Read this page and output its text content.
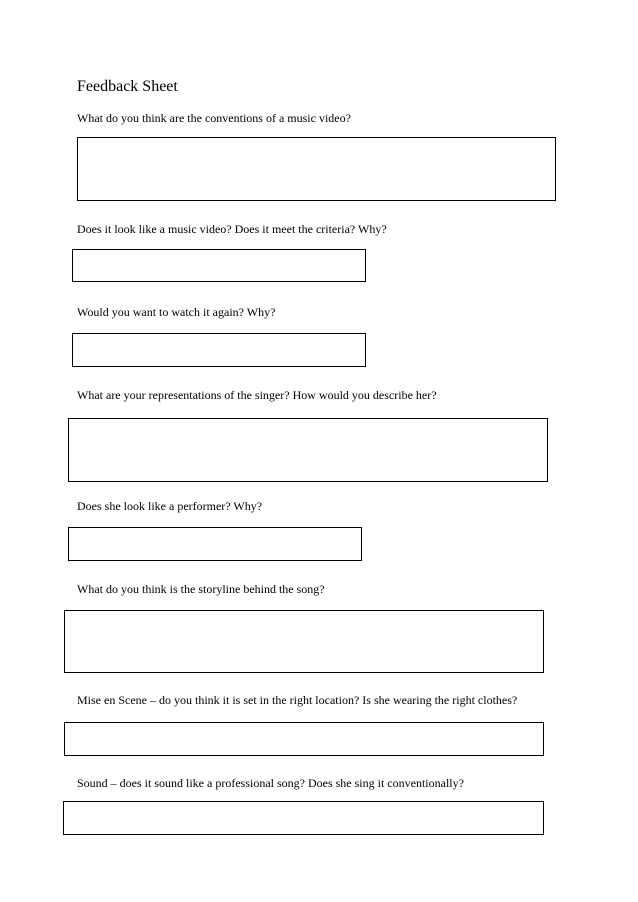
Feedback Sheet
What do you think are the conventions of a music video?
Does it look like a music video? Does it meet the criteria? Why?
Would you want to watch it again? Why?
What are your representations of the singer? How would you describe her?
Does she look like a performer? Why?
What do you think is the storyline behind the song?
Mise en Scene – do you think it is set in the right location? Is she wearing the right clothes?
Sound – does it sound like a professional song? Does she sing it conventionally?
